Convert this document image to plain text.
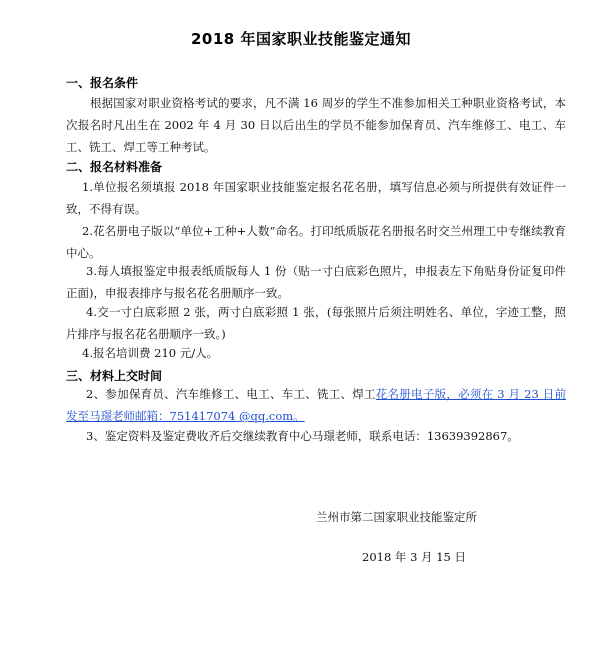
2018 年国家职业技能鉴定通知
一、报名条件

根据国家对职业资格考试的要求，凡不满 16 周岁的学生不准参加相关工种职业资格考试，本次报名时凡出生在 2002 年 4 月 30 日以后出生的学员不能参加保育员、汽车维修工、电工、车工、铣工、焊工等工种考试。

二、报名材料准备

1.单位报名须填报 2018 年国家职业技能鉴定报名花名册，填写信息必须与所提供有效证件一致，不得有误。

2.花名册电子版以“单位+工种+人数”命名。打印纸质版花名册报名时交兰州理工中专继续教育中心。

3.每人填报鉴定申报表纸质版每人 1 份（贴一寸白底彩色照片，申报表左下角贴身份证复印件正面)，申报表排序与报名花名册顺序一致。

4.交一寸白底彩照 2 张，两寸白底彩照 1 张，(每张照片后须注明姓名、单位，字迹工整，照片排序与报名花名册顺序一致。)

4.报名培训费 210 元/人。

三、材料上交时间

2、参加保育员、汽车维修工、电工、车工、铣工、焊工花名册电子版，必须在 3 月 23 日前发至马璟老师邮箱：751417074 @qq.com。

3、鉴定资料及鉴定费收齐后交继续教育中心马璟老师，联系电话：13639392867。

兰州市第二国家职业技能鉴定所
2018 年 3 月 15 日
